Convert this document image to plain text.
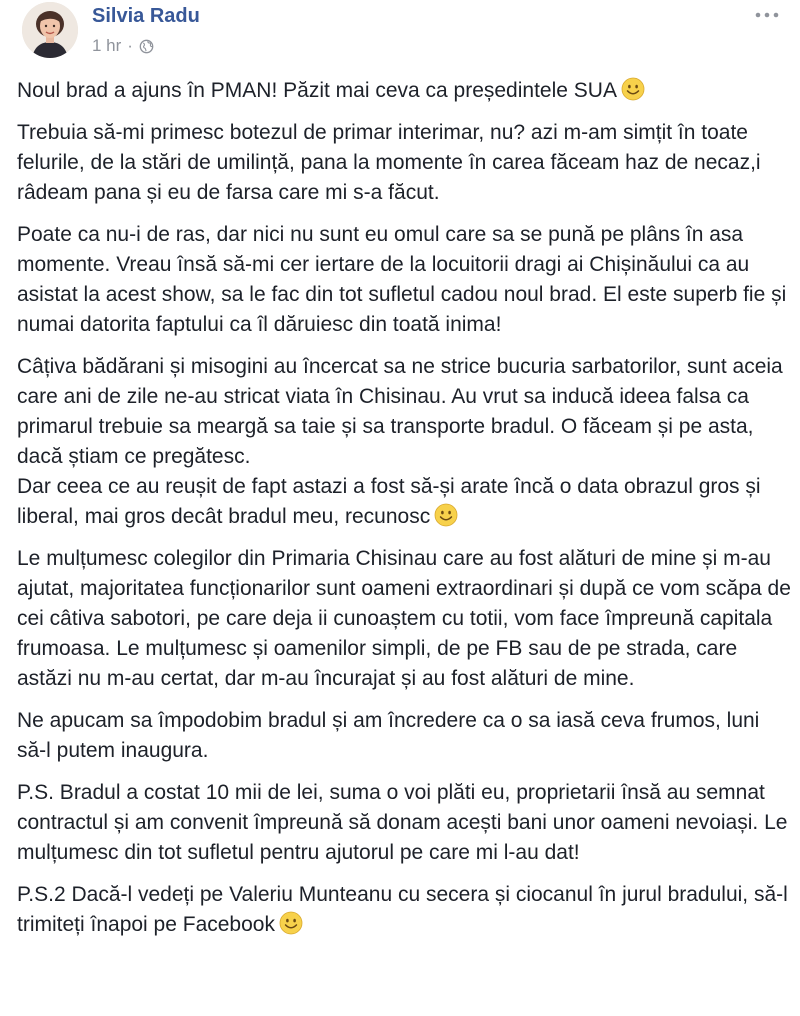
Silvia Radu
1 hr ·

Noul brad a ajuns în PMAN! Păzit mai ceva ca președintele SUA

Trebuia să-mi primesc botezul de primar interimar, nu? azi m-am simțit în toate felurile, de la stări de umilință, pana la momente în carea făceam haz de necaz,i râdeam pana și eu de farsa care mi s-a făcut.

Poate ca nu-i de ras, dar nici nu sunt eu omul care sa se pună pe plâns în asa momente. Vreau însă să-mi cer iertare de la locuitorii dragi ai Chișinăului ca au asistat la acest show, sa le fac din tot sufletul cadou noul brad. El este superb fie și numai datorita faptului ca îl dăruiesc din toată inima!

Câțiva bădărani și misogini au încercat sa ne strice bucuria sarbatorilor, sunt aceia care ani de zile ne-au stricat viata în Chisinau. Au vrut sa inducă ideea falsa ca primarul trebuie sa meargă sa taie și sa transporte bradul. O făceam și pe asta, dacă știam ce pregătesc.
Dar ceea ce au reușit de fapt astazi a fost să-și arate încă o data obrazul gros și liberal, mai gros decât bradul meu, recunosc

Le mulțumesc colegilor din Primaria Chisinau care au fost alături de mine și m-au ajutat, majoritatea funcționarilor sunt oameni extraordinari și după ce vom scăpa de cei câtiva sabotori, pe care deja ii cunoaștem cu totii, vom face împreună capitala frumoasa. Le mulțumesc și oamenilor simpli, de pe FB sau de pe strada, care astăzi nu m-au certat, dar m-au încurajat și au fost alături de mine.

Ne apucam sa împodobim bradul și am încredere ca o sa iasă ceva frumos, luni să-l putem inaugura.

P.S. Bradul a costat 10 mii de lei, suma o voi plăti eu, proprietarii însă au semnat contractul și am convenit împreună să donam acești bani unor oameni nevoiași. Le mulțumesc din tot sufletul pentru ajutorul pe care mi l-au dat!

P.S.2 Dacă-l vedeți pe Valeriu Munteanu cu secera și ciocanul în jurul bradului, să-l trimiteți înapoi pe Facebook
